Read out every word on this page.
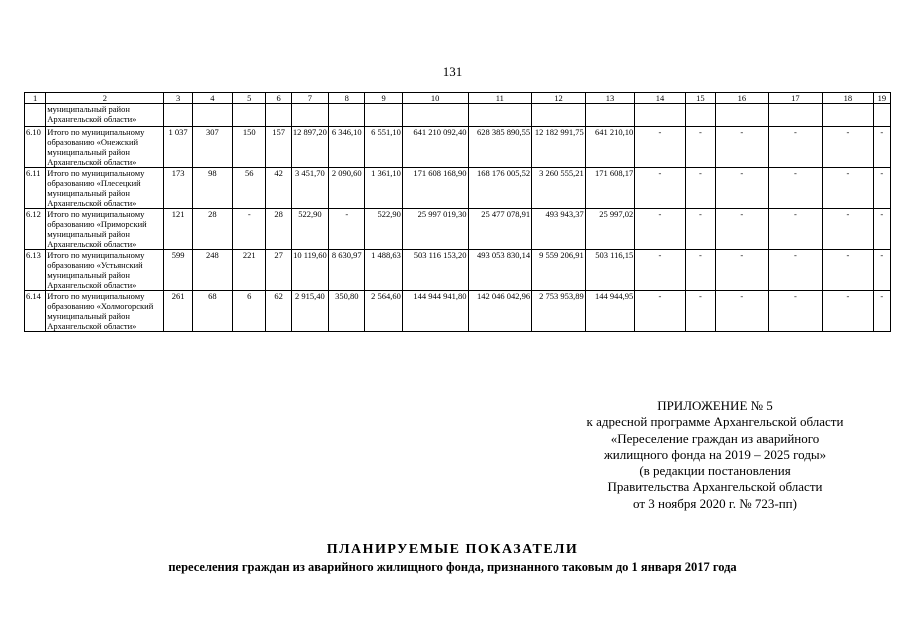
131
1	2	3	4	5	6	7	8	9	10	11	12	13	14	15	16	17	18	19
	муниципальный район Архангельской области»																	
6.10	Итого по муниципальному образованию «Онежский муниципальный район Архангельской области»	1 037	307	150	157	12 897,20	6 346,10	6 551,10	641 210 092,40	628 385 890,55	12 182 991,75	641 210,10	-	-	-	-	-	-
6.11	Итого по муниципальному образованию «Плесецкий муниципальный район Архангельской области»	173	98	56	42	3 451,70	2 090,60	1 361,10	171 608 168,90	168 176 005,52	3 260 555,21	171 608,17	-	-	-	-	-	-
6.12	Итого по муниципальному образованию «Приморский муниципальный район Архангельской области»	121	28	-	28	522,90	-	522,90	25 997 019,30	25 477 078,91	493 943,37	25 997,02	-	-	-	-	-	-
6.13	Итого по муниципальному образованию «Устьянский муниципальный район Архангельской области»	599	248	221	27	10 119,60	8 630,97	1 488,63	503 116 153,20	493 053 830,14	9 559 206,91	503 116,15	-	-	-	-	-	-
6.14	Итого по муниципальному образованию «Холмогорский муниципальный район Архангельской области»	261	68	6	62	2 915,40	350,80	2 564,60	144 944 941,80	142 046 042,96	2 753 953,89	144 944,95	-	-	-	-	-	-
ПРИЛОЖЕНИЕ № 5
к адресной программе Архангельской области
«Переселение граждан из аварийного
жилищного фонда на 2019 – 2025 годы»
(в редакции постановления
Правительства Архангельской области
от 3 ноября 2020 г. № 723-пп)
ПЛАНИРУЕМЫЕ ПОКАЗАТЕЛИ
переселения граждан из аварийного жилищного фонда, признанного таковым до 1 января 2017 года
